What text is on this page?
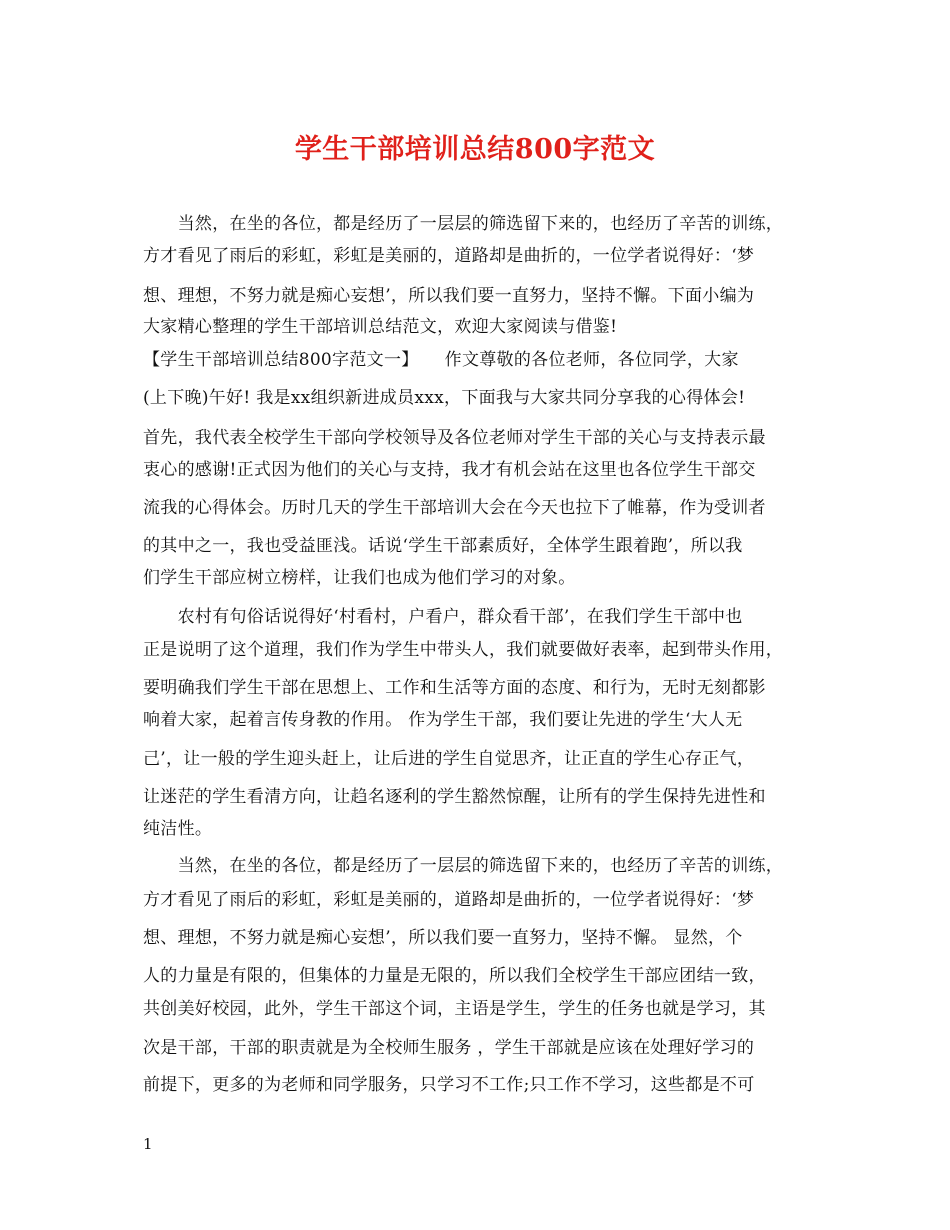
学生干部培训总结800字范文
　　当然，在坐的各位，都是经历了一层层的筛选留下来的，也经历了辛苦的训练，
方才看见了雨后的彩虹，彩虹是美丽的，道路却是曲折的，一位学者说得好：‘梦
想、理想，不努力就是痴心妄想’，所以我们要一直努力，坚持不懈。下面小编为
大家精心整理的学生干部培训总结范文，欢迎大家阅读与借鉴!
【学生干部培训总结800字范文一】　　作文尊敬的各位老师，各位同学，大家
(上下晚)午好! 我是xx组织新进成员xxx，下面我与大家共同分享我的心得体会!
首先，我代表全校学生干部向学校领导及各位老师对学生干部的关心与支持表示最
衷心的感谢!正式因为他们的关心与支持，我才有机会站在这里也各位学生干部交
流我的心得体会。历时几天的学生干部培训大会在今天也拉下了帷幕，作为受训者
的其中之一，我也受益匪浅。话说‘学生干部素质好，全体学生跟着跑’，所以我
们学生干部应树立榜样，让我们也成为他们学习的对象。
　　农村有句俗话说得好‘村看村，户看户，群众看干部’，在我们学生干部中也
正是说明了这个道理，我们作为学生中带头人，我们就要做好表率，起到带头作用，
要明确我们学生干部在思想上、工作和生活等方面的态度、和行为，无时无刻都影
响着大家，起着言传身教的作用。 作为学生干部，我们要让先进的学生‘大人无
己’，让一般的学生迎头赶上，让后进的学生自觉思齐，让正直的学生心存正气，
让迷茫的学生看清方向，让趋名逐利的学生豁然惊醒，让所有的学生保持先进性和
纯洁性。
　　当然，在坐的各位，都是经历了一层层的筛选留下来的，也经历了辛苦的训练，
方才看见了雨后的彩虹，彩虹是美丽的，道路却是曲折的，一位学者说得好：‘梦
想、理想，不努力就是痴心妄想’，所以我们要一直努力，坚持不懈。 显然，个
人的力量是有限的，但集体的力量是无限的，所以我们全校学生干部应团结一致，
共创美好校园，此外，学生干部这个词，主语是学生，学生的任务也就是学习，其
次是干部，干部的职责就是为全校师生服务 ，学生干部就是应该在处理好学习的
前提下，更多的为老师和同学服务，只学习不工作;只工作不学习，这些都是不可
1
